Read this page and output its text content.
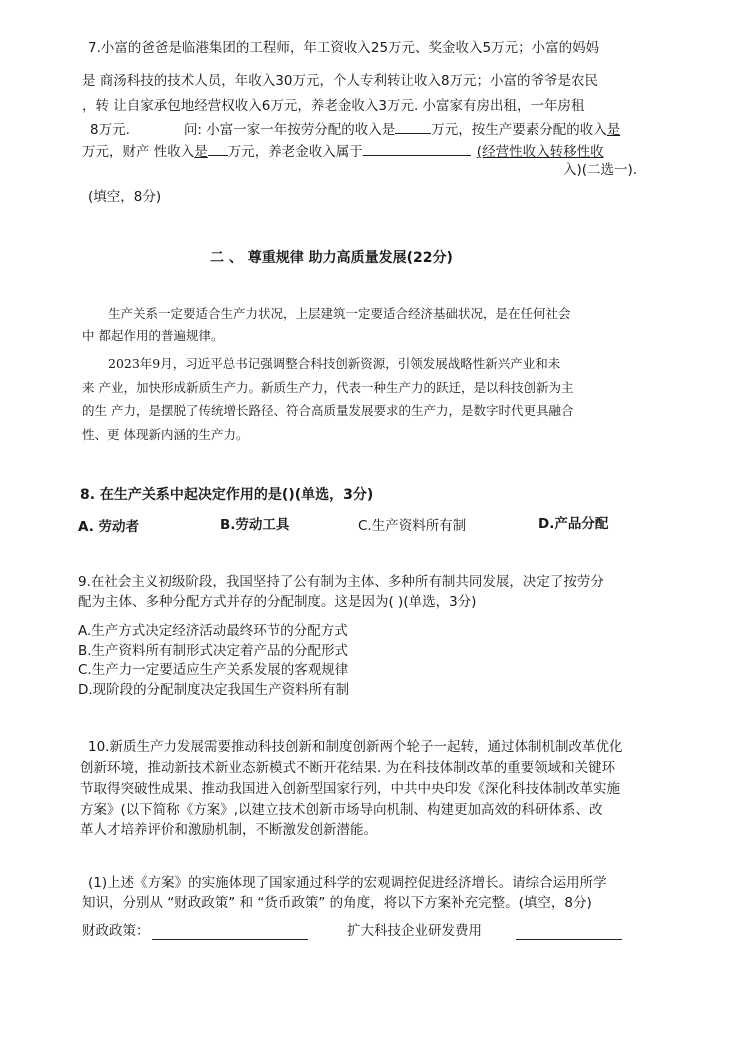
7.小富的爸爸是临港集团的工程师，年工资收入25万元、奖金收入5万元；小富的妈妈
是 商汤科技的技术人员，年收入30万元，个人专利转让收入8万元；小富的爷爷是农民
，转 让自家承包地经营权收入6万元，养老金收入3万元. 小富家有房出租，一年房租
8万元.	问: 小富一家一年按劳分配的收入是	万元，按生产要素分配的收入是
万元，财产 性收入是 万元，养老金收入属于	(经营性收入转移性收
入)(二选一).
(填空，8分)
二 、 尊重规律 助力高质量发展(22分)
生产关系一定要适合生产力状况，上层建筑一定要适合经济基础状况，是在任何社会
中 都起作用的普遍规律。
2023年9月，习近平总书记强调整合科技创新资源，引领发展战略性新兴产业和未
来 产业，加快形成新质生产力。新质生产力，代表一种生产力的跃迁，是以科技创新为主
的生 产力，是摆脱了传统增长路径、符合高质量发展要求的生产力，是数字时代更具融合
性、更 体现新内涵的生产力。
8. 在生产关系中起决定作用的是()(单选，3分)
A. 劳动者	B.劳动工具	C.生产资料所有制	D.产品分配
9.在社会主义初级阶段，我国坚持了公有制为主体、多种所有制共同发展，决定了按劳分
配为主体、多种分配方式并存的分配制度。这是因为( )(单选，3分)
A.生产方式决定经济活动最终环节的分配方式
B.生产资料所有制形式决定着产品的分配形式
C.生产力一定要适应生产关系发展的客观规律
D.现阶段的分配制度决定我国生产资料所有制
10.新质生产力发展需要推动科技创新和制度创新两个轮子一起转，通过体制机制改革优化
创新环境，推动新技术新业态新模式不断开花结果. 为在科技体制改革的重要领域和关键环
节取得突破性成果、推动我国进入创新型国家行列，中共中央印发《深化科技体制改革实施
方案》(以下简称《方案》,以建立技术创新市场导向机制、构建更加高效的科研体系、改
革人才培养评价和激励机制，不断激发创新潜能。
(1)上述《方案》的实施体现了国家通过科学的宏观调控促进经济增长。请综合运用所学
知识，分别从 “财政政策” 和 “货币政策” 的角度，将以下方案补充完整。(填空，8分)
财政政策：	扩大科技企业研发费用
